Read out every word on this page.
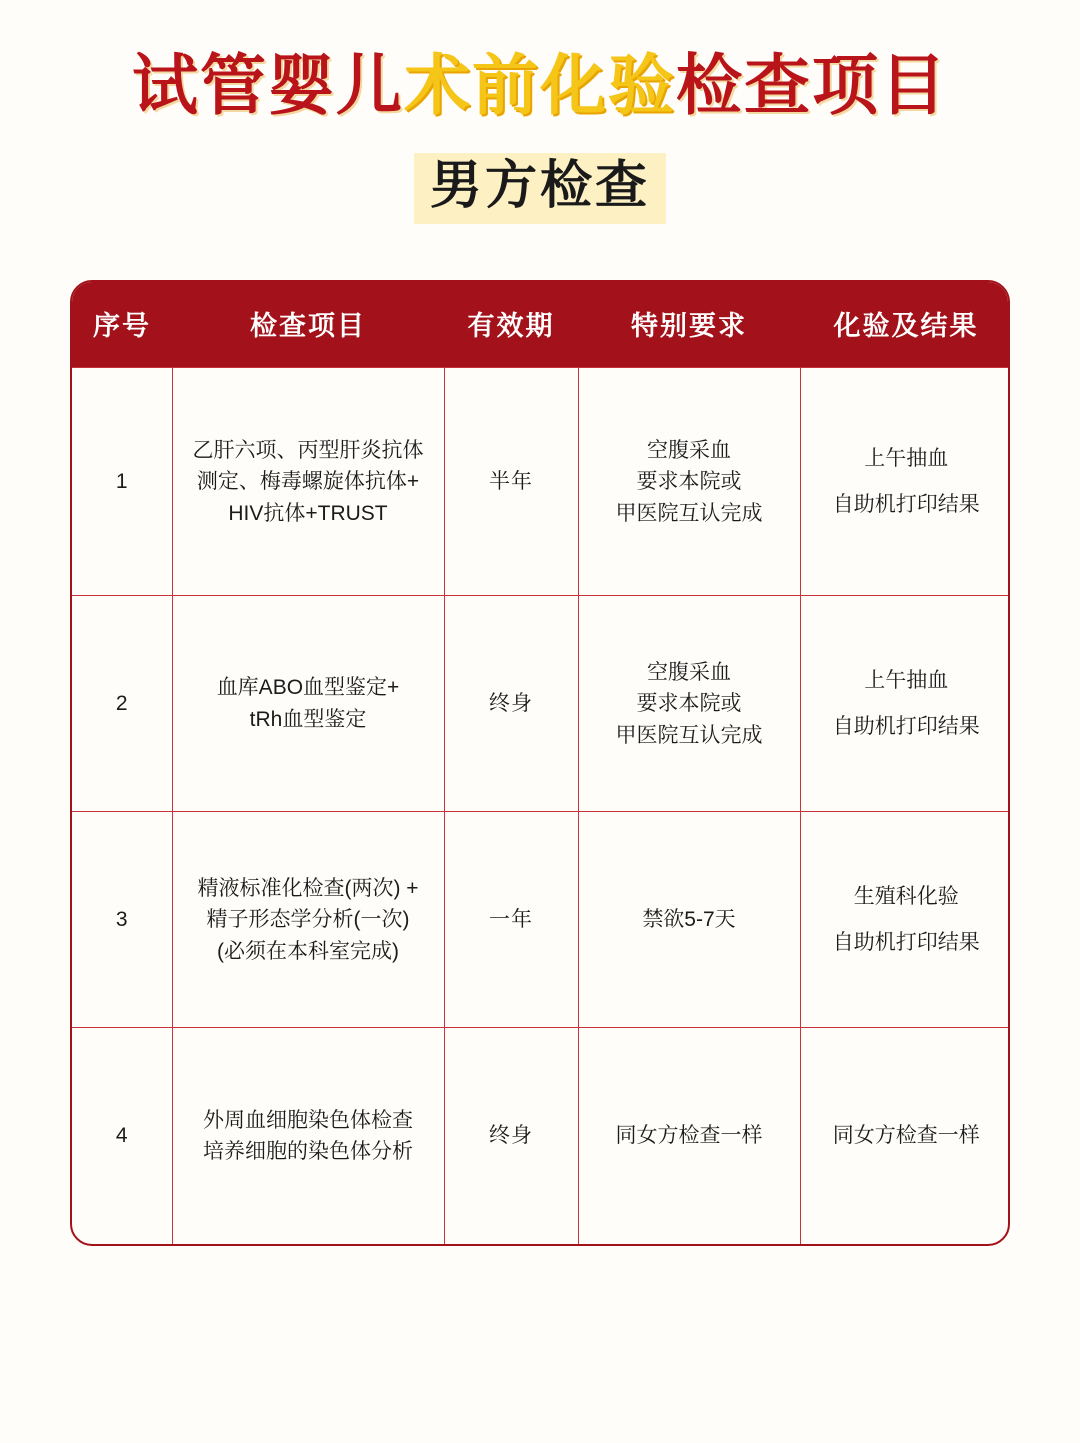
试管婴儿术前化验检查项目
男方检查
序号	检查项目	有效期	特别要求	化验及结果
1	乙肝六项、丙型肝炎抗体
测定、梅毒螺旋体抗体+
HIV抗体+TRUST	半年	空腹采血
要求本院或
甲医院互认完成	上午抽血
自助机打印结果

2	血库ABO血型鉴定+
tRh血型鉴定	终身	空腹采血
要求本院或
甲医院互认完成	上午抽血
自助机打印结果

3	精液标准化检查(两次) +
精子形态学分析(一次)
(必须在本科室完成)	一年	禁欲5-7天	生殖科化验
自助机打印结果

4	外周血细胞染色体检查
培养细胞的染色体分析	终身	同女方检查一样	同女方检查一样
